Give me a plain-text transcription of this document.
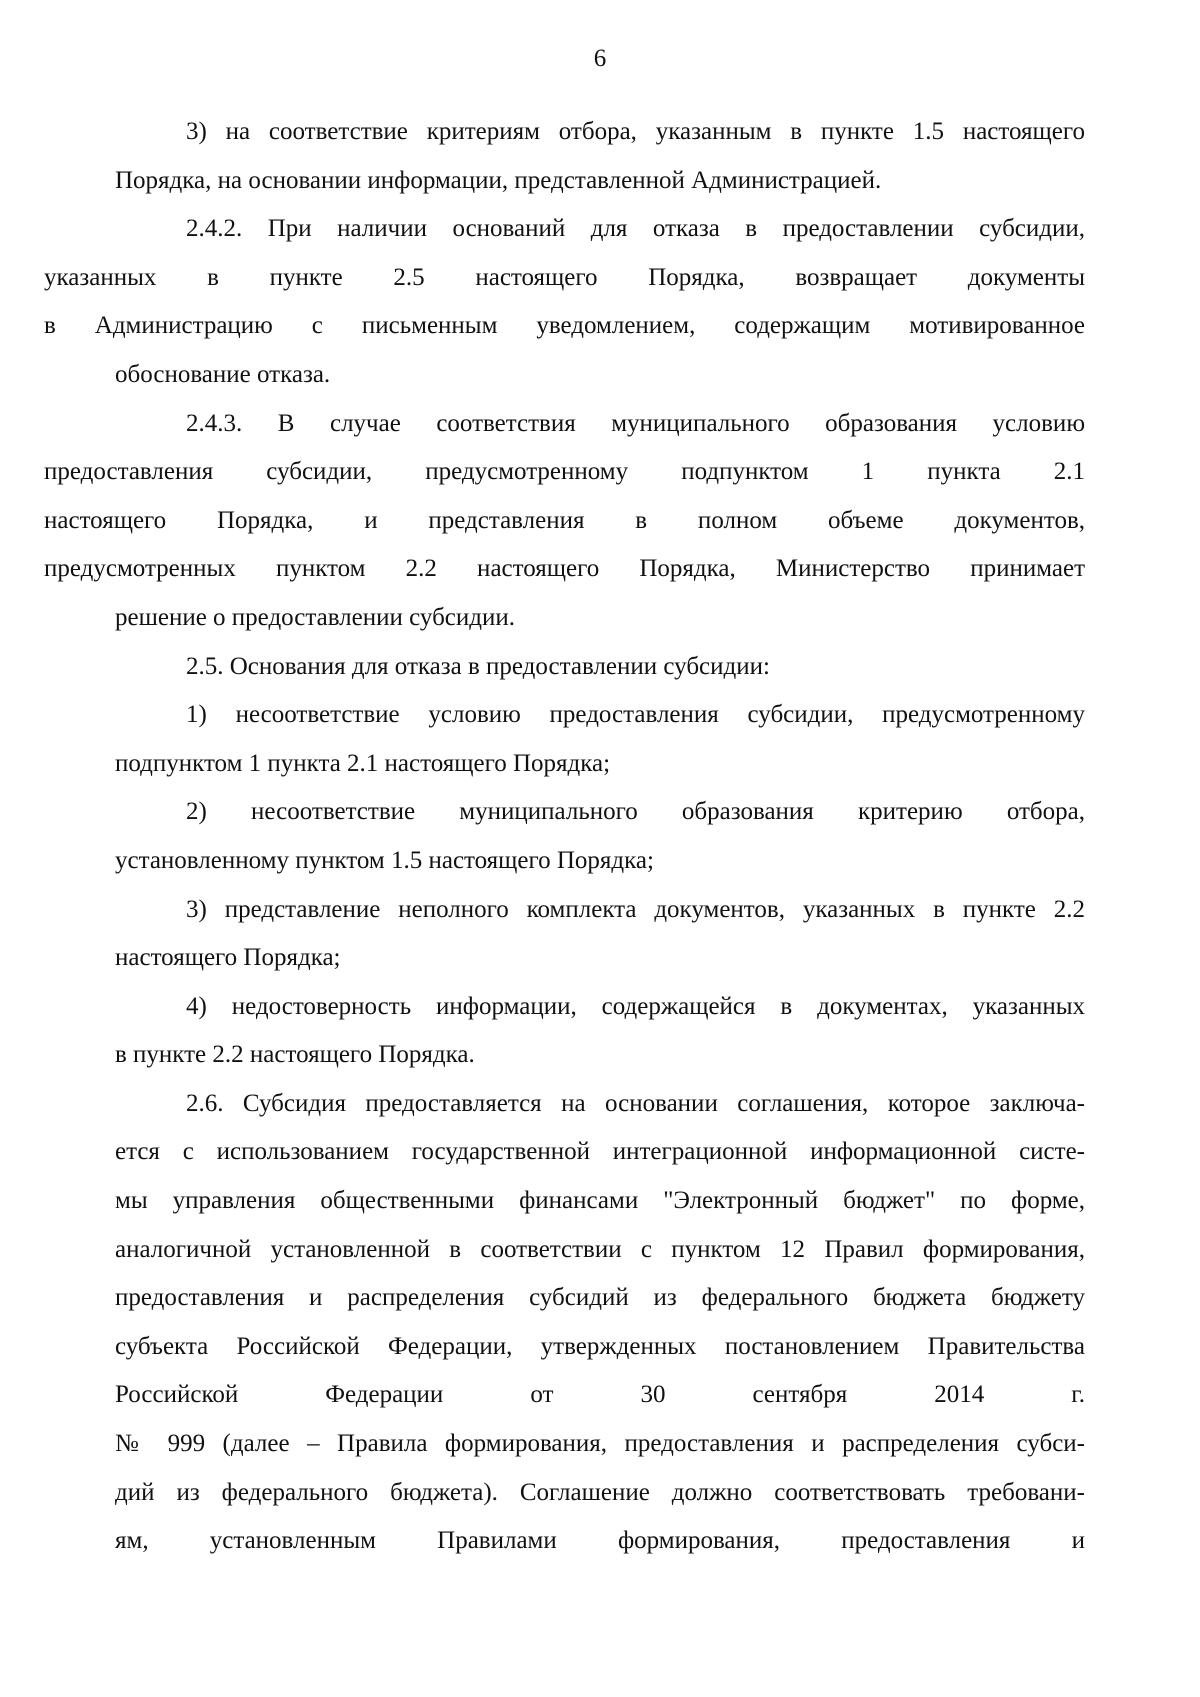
6

3) на соответствие критериям отбора, указанным в пункте 1.5 настоящего
Порядка, на основании информации, представленной Администрацией.

2.4.2. При наличии оснований для отказа в предоставлении субсидии,
указанных в пункте 2.5 настоящего Порядка, возвращает документы
в Администрацию с письменным уведомлением, содержащим мотивированное
обоснование отказа.

2.4.3. В случае соответствия муниципального образования условию
предоставления субсидии, предусмотренному подпунктом 1 пункта 2.1
настоящего Порядка, и представления в полном объеме документов,
предусмотренных пунктом 2.2 настоящего Порядка, Министерство принимает
решение о предоставлении субсидии.

2.5. Основания для отказа в предоставлении субсидии:

1) несоответствие условию предоставления субсидии, предусмотренному
подпунктом 1 пункта 2.1 настоящего Порядка;

2) несоответствие муниципального образования критерию отбора,
установленному пунктом 1.5 настоящего Порядка;

3) представление неполного комплекта документов, указанных в пункте 2.2
настоящего Порядка;

4) недостоверность информации, содержащейся в документах, указанных
в пункте 2.2 настоящего Порядка.

2.6. Субсидия предоставляется на основании соглашения, которое заключа-
ется с использованием государственной интеграционной информационной систе-
мы управления общественными финансами "Электронный бюджет" по форме,
аналогичной установленной в соответствии с пунктом 12 Правил формирования,
предоставления и распределения субсидий из федерального бюджета бюджету
субъекта Российской Федерации, утвержденных постановлением Правительства
Российской Федерации от 30 сентября 2014 г.
№ 999 (далее – Правила формирования, предоставления и распределения субси-
дий из федерального бюджета). Соглашение должно соответствовать требовани-
ям, установленным Правилами формирования, предоставления и
